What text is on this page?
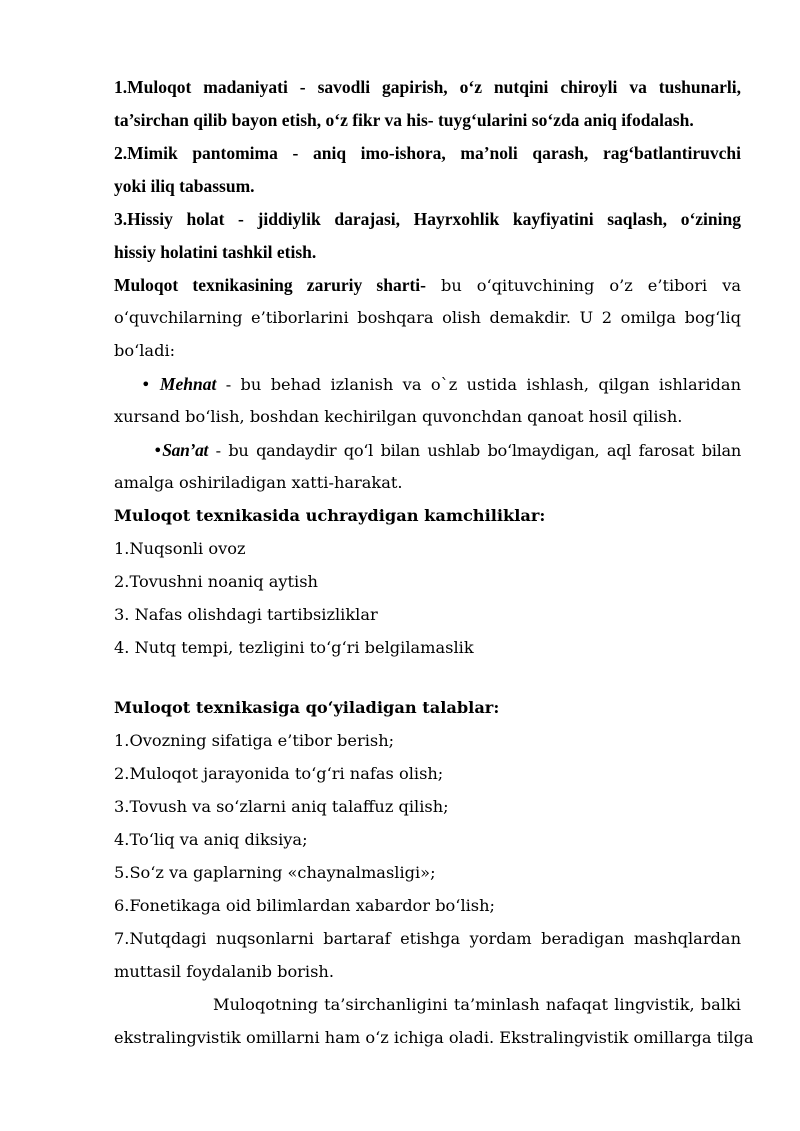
1.Muloqot madaniyati - savodli gapirish, oʻz nutqini chiroyli va tushunarli,
ta’sirchan qilib bayon etish, oʻz fikr va his- tuygʻularini soʻzda aniq ifodalash.
2.Mimik pantomima - aniq imo-ishora, ma’noli qarash, ragʻbatlantiruvchi
yoki iliq tabassum.
3.Hissiy holat - jiddiylik darajasi, Hayrxohlik kayfiyatini saqlash, oʻzining
hissiy holatini tashkil etish.
Muloqot texnikasining zaruriy sharti- bu o‘qituvchining o’z e’tibori va
o‘quvchilarning e’tiborlarini boshqara olish demakdir. U 2 omilga bog‘liq
bo‘ladi:
• Mehnat - bu behad izlanish va o`z ustida ishlash, qilgan ishlaridan
xursand bo‘lish, boshdan kechirilgan quvonchdan qanoat hosil qilish.
•San’at - bu qandaydir qo‘l bilan ushlab bo‘lmaydigan, aql farosat bilan
amalga oshiriladigan xatti-harakat.
Muloqot texnikasida uchraydigan kamchiliklar:
1.Nuqsonli ovoz
2.Tovushni noaniq aytish
3. Nafas olishdagi tartibsizliklar
4. Nutq tempi, tezligini to‘g‘ri belgilamaslik
Muloqot texnikasiga qo‘yiladigan talablar:
1.Ovozning sifatiga e’tibor berish;
2.Muloqot jarayonida to‘g‘ri nafas olish;
3.Tovush va so‘zlarni aniq talaffuz qilish;
4.To‘liq va aniq diksiya;
5.So‘z va gaplarning «chaynalmasligi»;
6.Fonetikaga oid bilimlardan xabardor bo‘lish;
7.Nutqdagi nuqsonlarni bartaraf etishga yordam beradigan mashqlardan
muttasil foydalanib borish.
Muloqotning ta’sirchanligini ta’minlash nafaqat lingvistik, balki
ekstralingvistik omillarni ham o‘z ichiga oladi. Ekstralingvistik omillarga tilga
